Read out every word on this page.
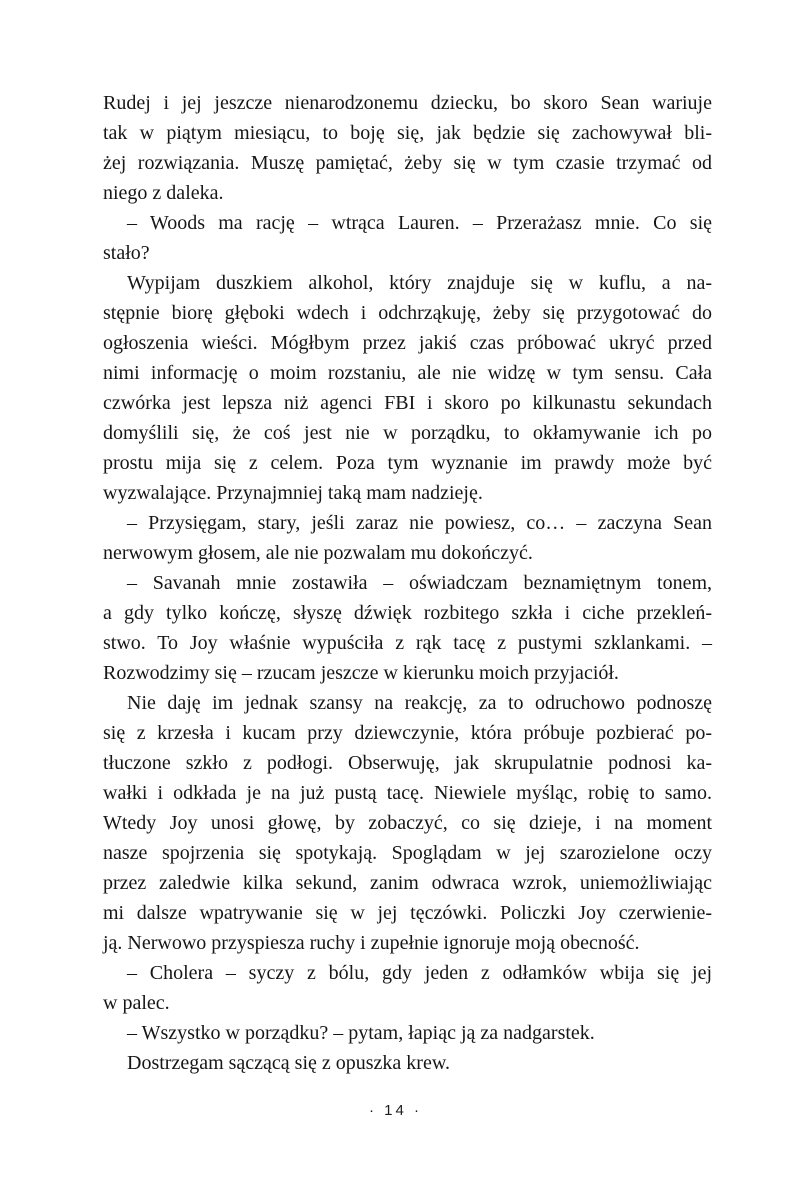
Rudej i jej jeszcze nienarodzonemu dziecku, bo skoro Sean wariuje
tak w piątym miesiącu, to boję się, jak będzie się zachowywał bli-
żej rozwiązania. Muszę pamiętać, żeby się w tym czasie trzymać od
niego z daleka.
– Woods ma rację – wtrąca Lauren. – Przerażasz mnie. Co się
stało?
Wypijam duszkiem alkohol, który znajduje się w kuflu, a na-
stępnie biorę głęboki wdech i odchrząkuję, żeby się przygotować do
ogłoszenia wieści. Mógłbym przez jakiś czas próbować ukryć przed
nimi informację o moim rozstaniu, ale nie widzę w tym sensu. Cała
czwórka jest lepsza niż agenci FBI i skoro po kilkunastu sekundach
domyślili się, że coś jest nie w porządku, to okłamywanie ich po
prostu mija się z celem. Poza tym wyznanie im prawdy może być
wyzwalające. Przynajmniej taką mam nadzieję.
– Przysięgam, stary, jeśli zaraz nie powiesz, co… – zaczyna Sean
nerwowym głosem, ale nie pozwalam mu dokończyć.
– Savanah mnie zostawiła – oświadczam beznamiętnym tonem,
a gdy tylko kończę, słyszę dźwięk rozbitego szkła i ciche przekleń-
stwo. To Joy właśnie wypuściła z rąk tacę z pustymi szklankami. –
Rozwodzimy się – rzucam jeszcze w kierunku moich przyjaciół.
Nie daję im jednak szansy na reakcję, za to odruchowo podnoszę
się z krzesła i kucam przy dziewczynie, która próbuje pozbierać po-
tłuczone szkło z podłogi. Obserwuję, jak skrupulatnie podnosi ka-
wałki i odkłada je na już pustą tacę. Niewiele myśląc, robię to samo.
Wtedy Joy unosi głowę, by zobaczyć, co się dzieje, i na moment
nasze spojrzenia się spotykają. Spoglądam w jej szarozielone oczy
przez zaledwie kilka sekund, zanim odwraca wzrok, uniemożliwiając
mi dalsze wpatrywanie się w jej tęczówki. Policzki Joy czerwienie-
ją. Nerwowo przyspiesza ruchy i zupełnie ignoruje moją obecność.
– Cholera – syczy z bólu, gdy jeden z odłamków wbija się jej
w palec.
– Wszystko w porządku? – pytam, łapiąc ją za nadgarstek.
Dostrzegam sączącą się z opuszka krew.
· 14 ·
